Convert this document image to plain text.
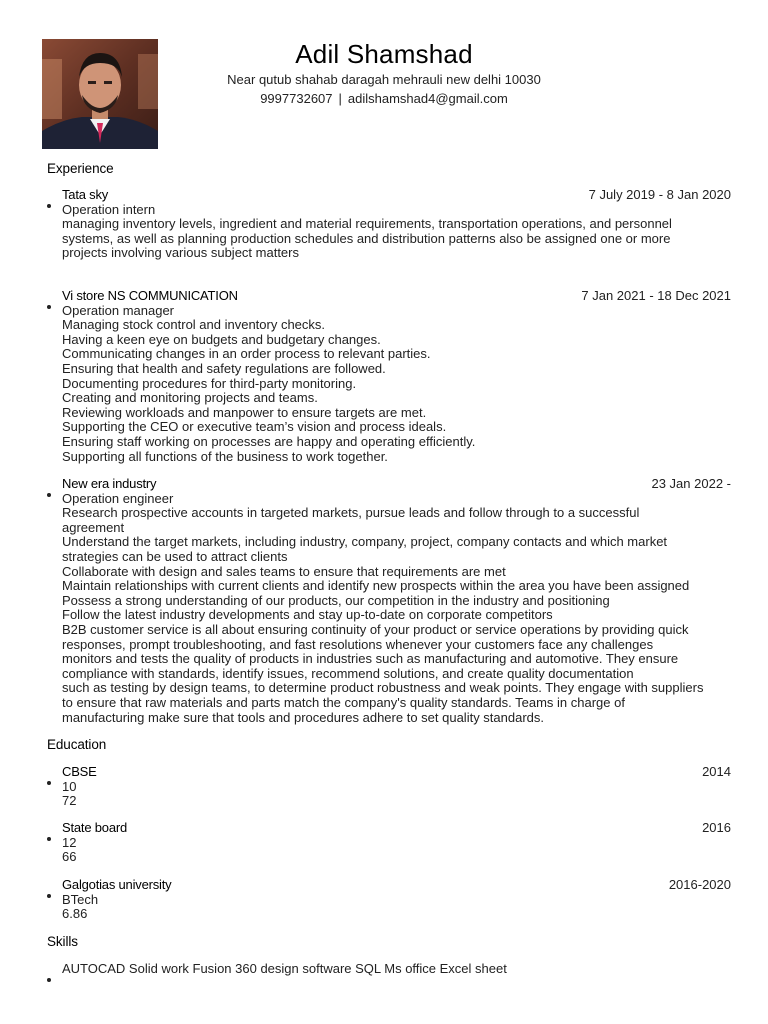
Adil Shamshad
Near qutub shahab daragah mehrauli new delhi 10030
9997732607 | adilshamshad4@gmail.com
Experience
Tata sky	7 July 2019 - 8 Jan 2020
Operation intern
managing inventory levels, ingredient and material requirements, transportation operations, and personnel
systems, as well as planning production schedules and distribution patterns also be assigned one or more
projects involving various subject matters
Vi store NS COMMUNICATION	7 Jan 2021 - 18 Dec 2021
Operation manager
Managing stock control and inventory checks.
Having a keen eye on budgets and budgetary changes.
Communicating changes in an order process to relevant parties.
Ensuring that health and safety regulations are followed.
Documenting procedures for third-party monitoring.
Creating and monitoring projects and teams.
Reviewing workloads and manpower to ensure targets are met.
Supporting the CEO or executive team’s vision and process ideals.
Ensuring staff working on processes are happy and operating efficiently.
Supporting all functions of the business to work together.
New era industry	23 Jan 2022 -
Operation engineer
Research prospective accounts in targeted markets, pursue leads and follow through to a successful
agreement
Understand the target markets, including industry, company, project, company contacts and which market
strategies can be used to attract clients
Collaborate with design and sales teams to ensure that requirements are met
Maintain relationships with current clients and identify new prospects within the area you have been assigned
Possess a strong understanding of our products, our competition in the industry and positioning
Follow the latest industry developments and stay up-to-date on corporate competitors
B2B customer service is all about ensuring continuity of your product or service operations by providing quick
responses, prompt troubleshooting, and fast resolutions whenever your customers face any challenges
monitors and tests the quality of products in industries such as manufacturing and automotive. They ensure
compliance with standards, identify issues, recommend solutions, and create quality documentation
such as testing by design teams, to determine product robustness and weak points. They engage with suppliers
to ensure that raw materials and parts match the company's quality standards. Teams in charge of
manufacturing make sure that tools and procedures adhere to set quality standards.
Education
CBSE	2014
10
72
State board	2016
12
66
Galgotias university	2016-2020
BTech
6.86
Skills
AUTOCAD Solid work Fusion 360 design software SQL Ms office Excel sheet
